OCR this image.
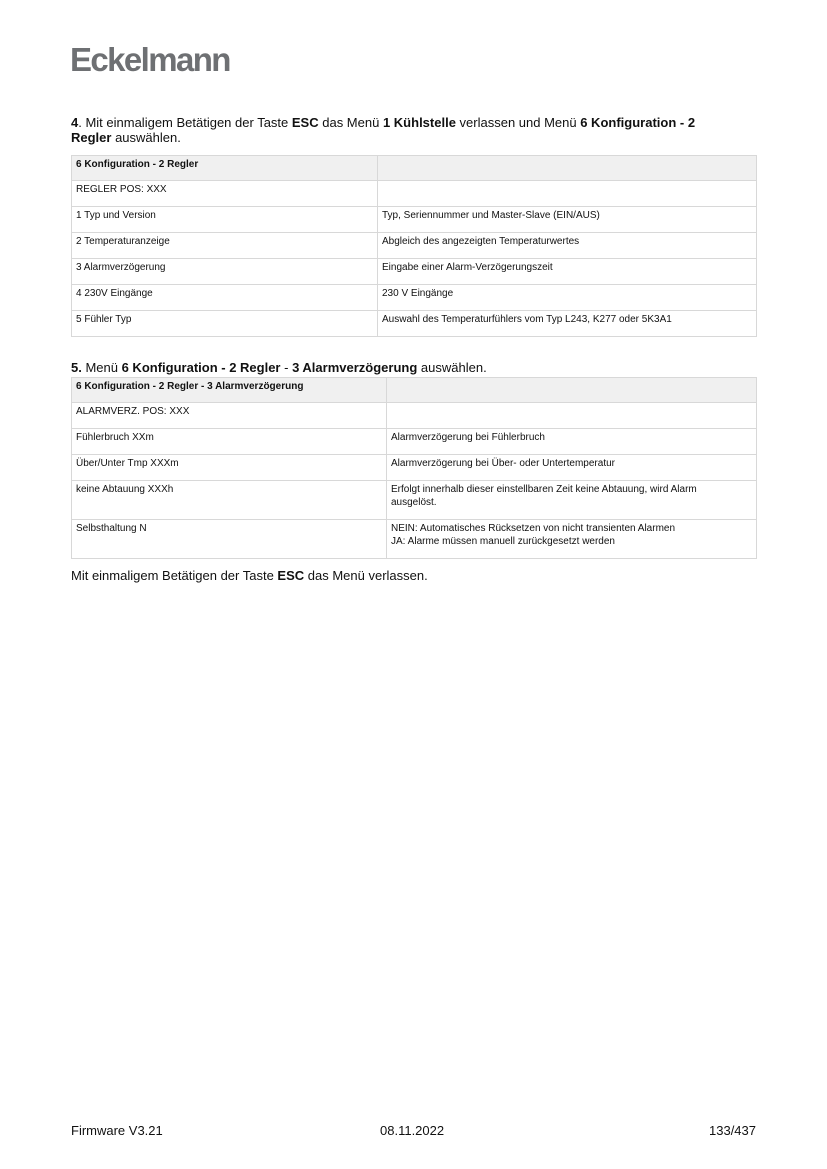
Eckelmann

4. Mit einmaligem Betätigen der Taste ESC das Menü 1 Kühlstelle verlassen und Menü 6 Konfiguration - 2
Regler auswählen.

6 Konfiguration - 2 Regler	
REGLER POS: XXX	
1 Typ und Version	Typ, Seriennummer und Master-Slave (EIN/AUS)
2 Temperaturanzeige	Abgleich des angezeigten Temperaturwertes
3 Alarmverzögerung	Eingabe einer Alarm-Verzögerungszeit
4 230V Eingänge	230 V Eingänge
5 Fühler Typ	Auswahl des Temperaturfühlers vom Typ L243, K277 oder 5K3A1

5. Menü 6 Konfiguration - 2 Regler - 3 Alarmverzögerung auswählen.

6 Konfiguration - 2 Regler - 3 Alarmverzögerung	
ALARMVERZ. POS: XXX	
Fühlerbruch XXm	Alarmverzögerung bei Fühlerbruch
Über/Unter Tmp XXXm	Alarmverzögerung bei Über- oder Untertemperatur
keine Abtauung XXXh	Erfolgt innerhalb dieser einstellbaren Zeit keine Abtauung, wird Alarm
ausgelöst.
Selbsthaltung N	NEIN: Automatisches Rücksetzen von nicht transienten Alarmen
JA: Alarme müssen manuell zurückgesetzt werden

Mit einmaligem Betätigen der Taste ESC das Menü verlassen.

Firmware V3.21	08.11.2022	133/437
